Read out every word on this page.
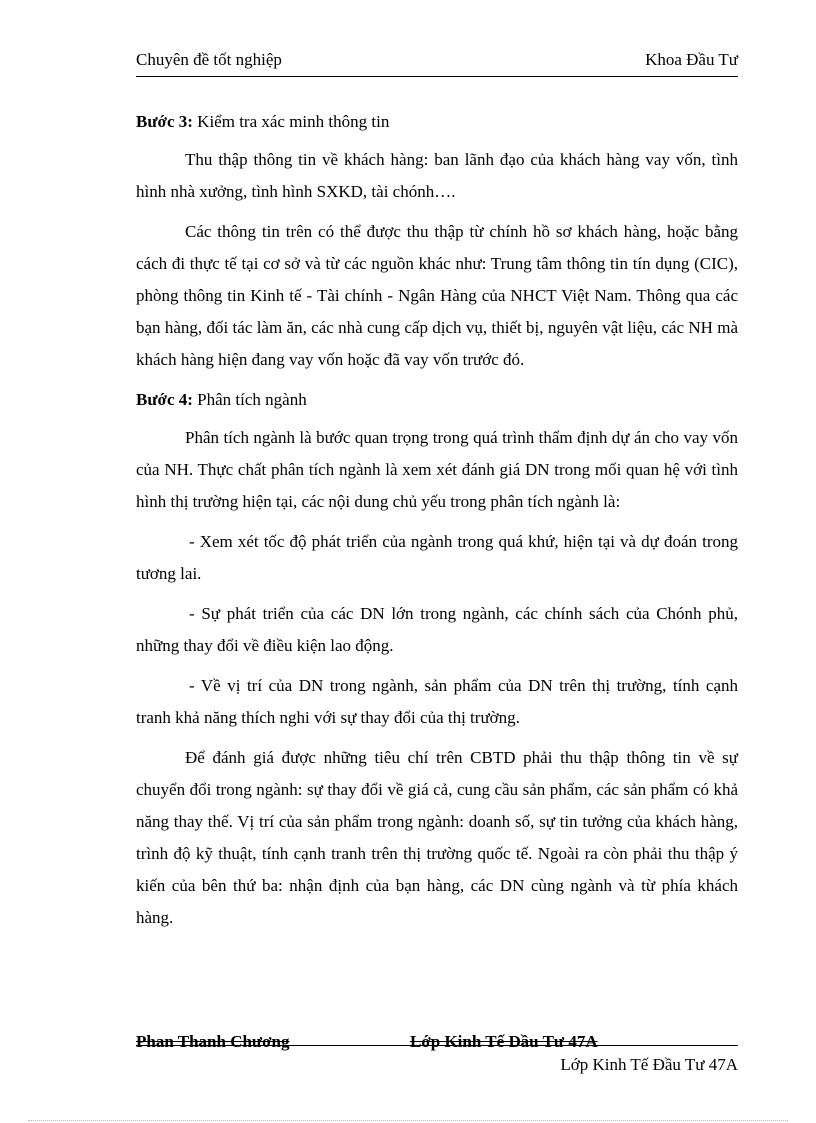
Chuyên đề tốt nghiệp	Khoa Đầu Tư

Bước 3: Kiểm tra xác minh thông tin

Thu thập thông tin về khách hàng: ban lãnh đạo của khách hàng vay vốn, tình hình nhà xưởng, tình hình SXKD, tài chónh….

Các thông tin trên có thể được thu thập từ chính hồ sơ khách hàng, hoặc bằng cách đi thực tế tại cơ sở và từ các nguồn khác như: Trung tâm thông tin tín dụng (CIC), phòng thông tin Kinh tế - Tài chính - Ngân Hàng của NHCT Việt Nam. Thông qua các bạn hàng, đối tác làm ăn, các nhà cung cấp dịch vụ, thiết bị, nguyên vật liệu, các NH mà khách hàng hiện đang vay vốn hoặc đã vay vốn trước đó.

Bước 4: Phân tích ngành

Phân tích ngành là bước quan trọng trong quá trình thẩm định dự án cho vay vốn của NH. Thực chất phân tích ngành là xem xét đánh giá DN trong mối quan hệ với tình hình thị trường hiện tại, các nội dung chủ yếu trong phân tích ngành là:

- Xem xét tốc độ phát triển của ngành trong quá khứ, hiện tại và dự đoán trong tương lai.

- Sự phát triển của các DN lớn trong ngành, các chính sách của Chónh phủ, những thay đổi về điều kiện lao động.

- Về vị trí của DN trong ngành, sản phẩm của DN trên thị trường, tính cạnh tranh khả năng thích nghi với sự thay đổi của thị trường.

Để đánh giá được những tiêu chí trên CBTD phải thu thập thông tin về sự chuyển đổi trong ngành: sự thay đổi về giá cả, cung cầu sản phẩm, các sản phẩm có khả năng thay thế. Vị trí của sản phẩm trong ngành: doanh số, sự tin tưởng của khách hàng, trình độ kỹ thuật, tính cạnh tranh trên thị trường quốc tế. Ngoài ra còn phải thu thập ý kiến của bên thứ ba: nhận định của bạn hàng, các DN cùng ngành và từ phía khách hàng.

Phan Thanh Chương	Lớp Kinh Tế Đầu Tư 47A
Lớp Kinh Tế Đầu Tư 47A
